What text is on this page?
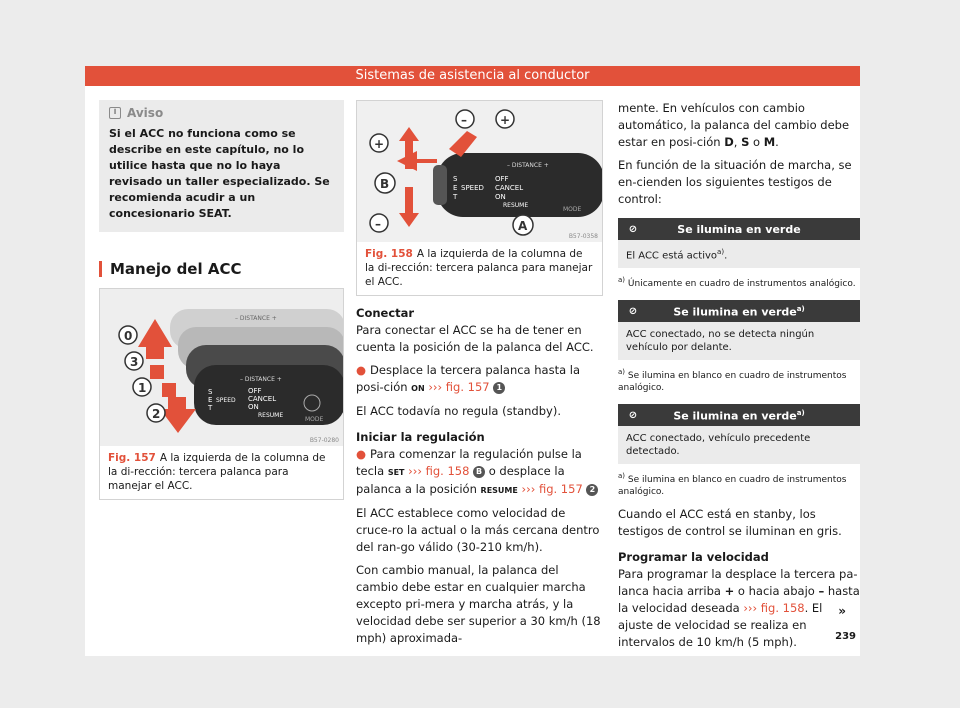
Sistemas de asistencia al conductor
i Aviso
Si el ACC no funciona como se describe en este capítulo, no lo utilice hasta que no lo haya revisado un taller especializado. Se recomienda acudir a un concesionario SEAT.
Manejo del ACC
– DISTANCE +
– DISTANCE +
S
E SPEED
T
OFF
CANCEL
ON
RESUME
MODE
0
3
1
2
B57-0280
Fig. 157 A la izquierda de la columna de la di-rección: tercera palanca para manejar el ACC.
– DISTANCE +
S
E SPEED
T
OFF
CANCEL
ON
RESUME
MODE
–	+
+
B
–	A
B57-0358
Fig. 158 A la izquierda de la columna de la di-rección: tercera palanca para manejar el ACC.
Conectar
Para conectar el ACC se ha de tener en cuenta la posición de la palanca del ACC.
● Desplace la tercera palanca hasta la posi-ción ON ››› fig. 157 1
El ACC todavía no regula (standby).
Iniciar la regulación
● Para comenzar la regulación pulse la tecla SET ››› fig. 158 B o desplace la palanca a la posición RESUME ››› fig. 157 2
El ACC establece como velocidad de cruce-ro la actual o la más cercana dentro del ran-go válido (30-210 km/h).
Con cambio manual, la palanca del cambio debe estar en cualquier marcha excepto pri-mera y marcha atrás, y la velocidad debe ser superior a 30 km/h (18 mph) aproximada-
mente. En vehículos con cambio automático, la palanca del cambio debe estar en posi-ción D, S o M.
En función de la situación de marcha, se en-cienden los siguientes testigos de control:
⊘	Se ilumina en verde
El ACC está activo$^{a)}$.
$^{a)}$ Únicamente en cuadro de instrumentos analógico.
⊘	Se ilumina en verde$^{a)}$
ACC conectado, no se detecta ningún vehículo por delante.
$^{a)}$ Se ilumina en blanco en cuadro de instrumentos analógico.
⊘	Se ilumina en verde$^{a)}$
ACC conectado, vehículo precedente detectado.
$^{a)}$ Se ilumina en blanco en cuadro de instrumentos analógico.
Cuando el ACC está en stanby, los testigos de control se iluminan en gris.
Programar la velocidad
Para programar la desplace la tercera pa-lanca hacia arriba + o hacia abajo – hasta la velocidad deseada ››› fig. 158. El ajuste de velocidad se realiza en intervalos de 10 km/h (5 mph).
»
239
